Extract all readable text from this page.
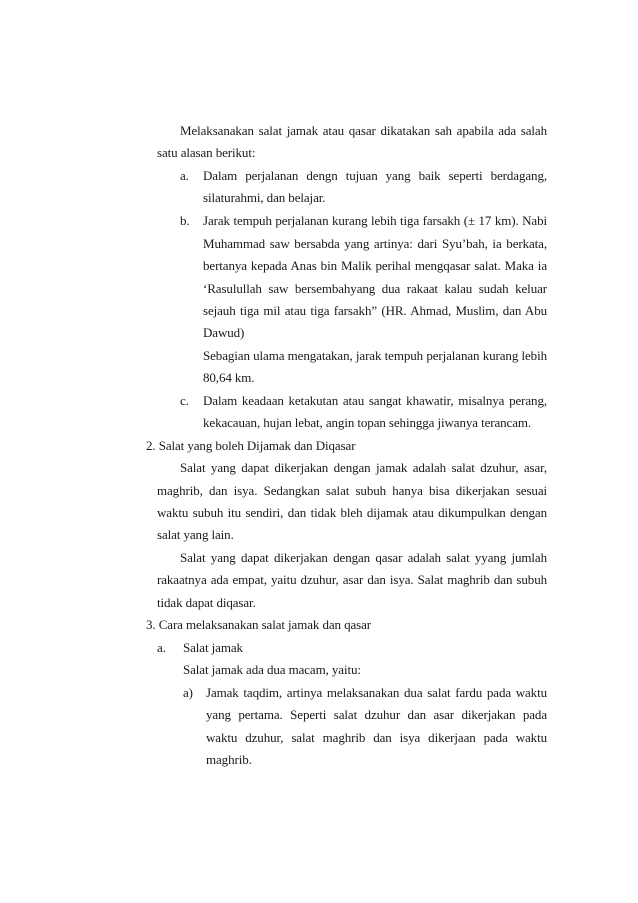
Melaksanakan salat jamak atau qasar dikatakan sah apabila ada salah
satu alasan berikut:
a. Dalam perjalanan dengn tujuan yang baik seperti berdagang,
silaturahmi, dan belajar.
b. Jarak tempuh perjalanan kurang lebih tiga farsakh (± 17 km). Nabi
Muhammad saw bersabda yang artinya: dari Syu’bah, ia berkata,
bertanya kepada Anas bin Malik perihal mengqasar salat. Maka ia
‘Rasulullah saw bersembahyang dua rakaat kalau sudah keluar
sejauh tiga mil atau tiga farsakh” (HR. Ahmad, Muslim, dan Abu
Dawud)
Sebagian ulama mengatakan, jarak tempuh perjalanan kurang lebih
80,64 km.
c. Dalam keadaan ketakutan atau sangat khawatir, misalnya perang,
kekacauan, hujan lebat, angin topan sehingga jiwanya terancam.
2. Salat yang boleh Dijamak dan Diqasar
Salat yang dapat dikerjakan dengan jamak adalah salat dzuhur, asar,
maghrib, dan isya. Sedangkan salat subuh hanya bisa dikerjakan sesuai
waktu subuh itu sendiri, dan tidak bleh dijamak atau dikumpulkan dengan
salat yang lain.
Salat yang dapat dikerjakan dengan qasar adalah salat yyang jumlah
rakaatnya ada empat, yaitu dzuhur, asar dan isya. Salat maghrib dan subuh
tidak dapat diqasar.
3. Cara melaksanakan salat jamak dan qasar
a. Salat jamak
Salat jamak ada dua macam, yaitu:
a) Jamak taqdim, artinya melaksanakan dua salat fardu pada waktu
yang pertama. Seperti salat dzuhur dan asar dikerjakan pada
waktu dzuhur, salat maghrib dan isya dikerjaan pada waktu
maghrib.
